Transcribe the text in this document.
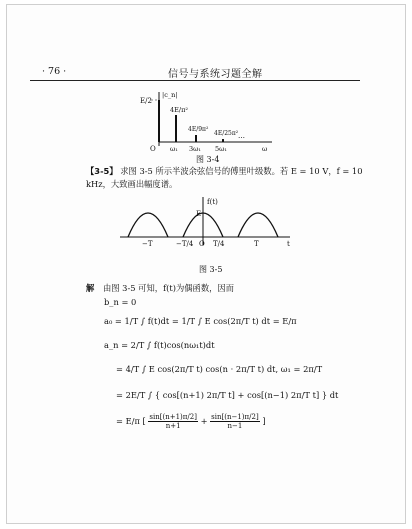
· 76 ·	信号与系统习题全解
|c_n|
E/2
4E/π²
4E/9π²
4E/25π² …
O ω₁ 3ω₁ 5ω₁	ω
图 3-4
【3-5】 求图 3-5 所示半波余弦信号的傅里叶级数。若 E = 10 V，f = 10 kHz，大致画出幅度谱。
f(t)
E
−T	−T/4 O T/4	T	t
图 3-5
解 由图 3-5 可知，f(t)为偶函数，因而
b_n = 0
a₀ = 1/T ∫ f(t)dt = 1/T ∫ E cos(2π/T t) dt = E/π
a_n = 2/T ∫ f(t)cos(nω₁t)dt
= 4/T ∫ E cos(2π/T t) cos(n · 2π/T t) dt, ω₁ = 2π/T
= 2E/T ∫ { cos[(n+1) 2π/T t] + cos[(n−1) 2π/T t] } dt
= E/π [ $\frac{\sin[(n+1)\pi/2]}{n+1} + \frac{\sin[(n-1)\pi/2]}{n-1}$ ]
